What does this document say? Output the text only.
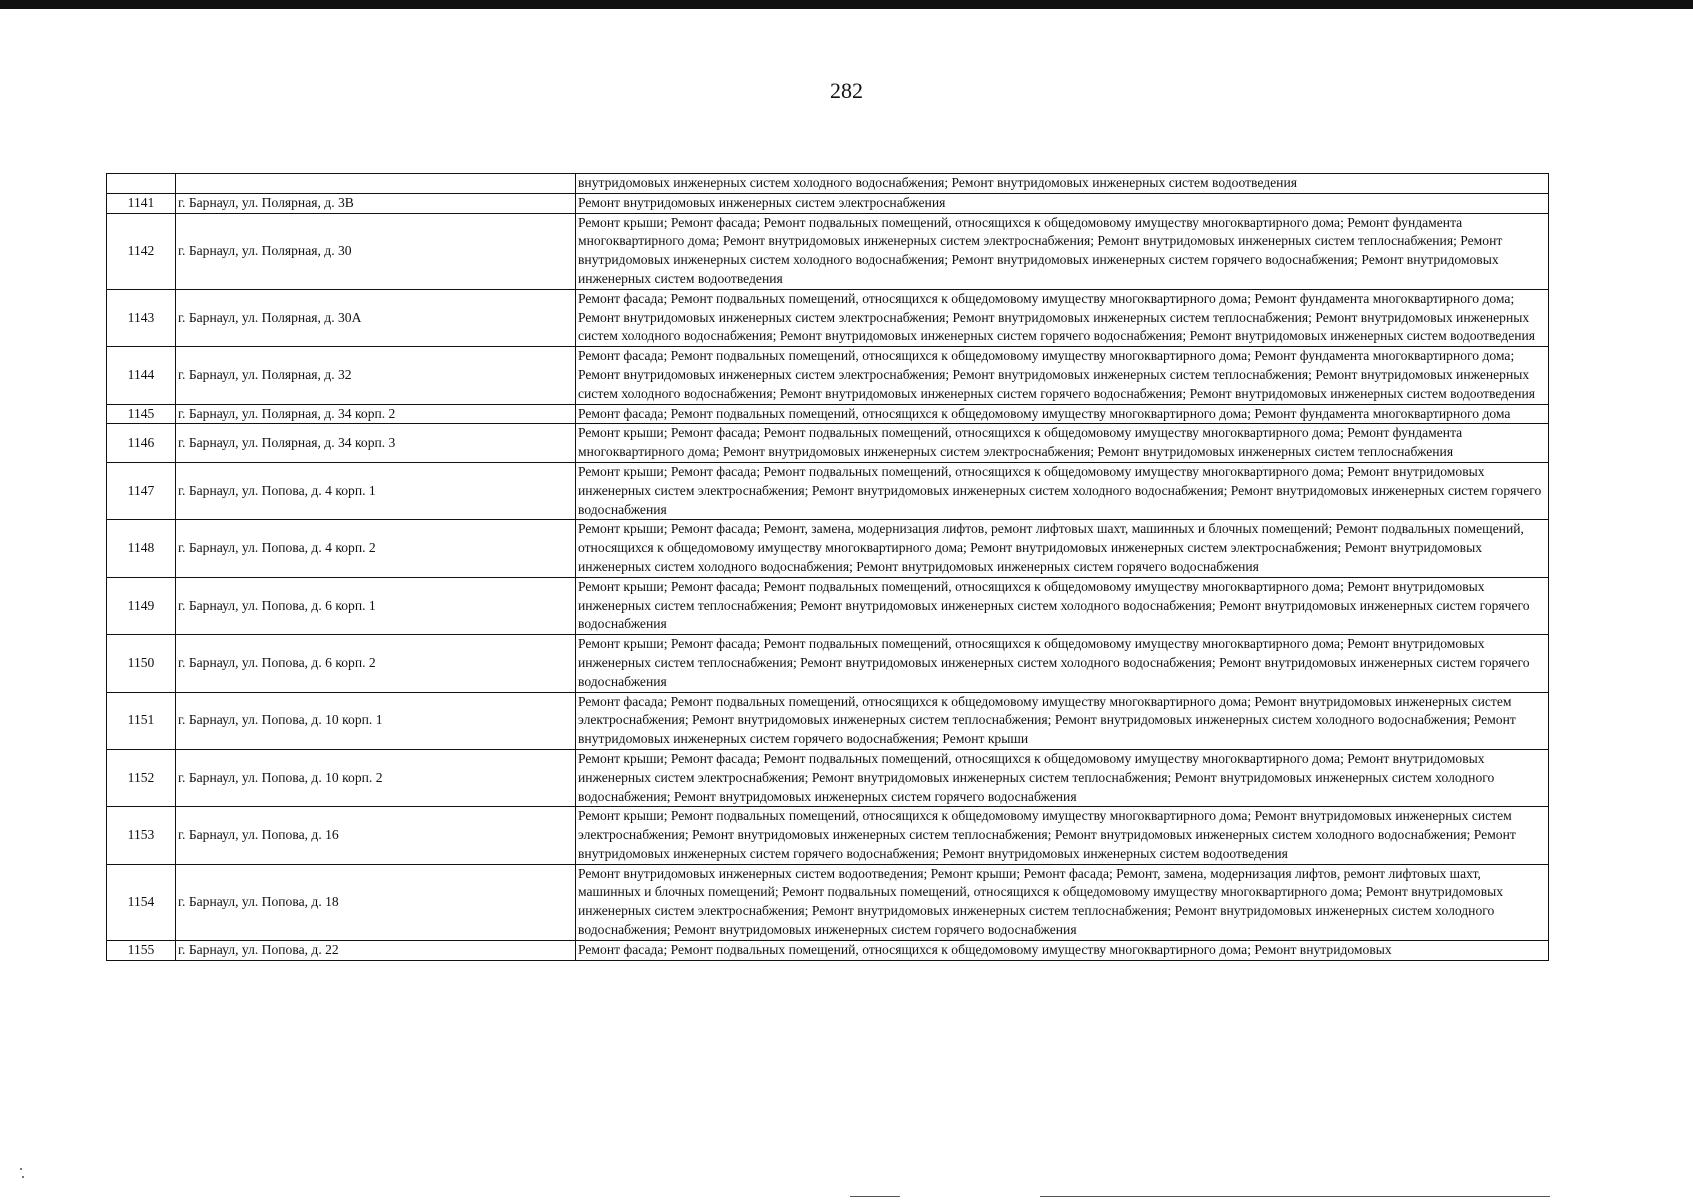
282
		внутридомовых инженерных систем холодного водоснабжения; Ремонт внутридомовых инженерных систем водоотведения
1141	г. Барнаул, ул. Полярная, д. 3В	Ремонт внутридомовых инженерных систем электроснабжения
1142	г. Барнаул, ул. Полярная, д. 30	Ремонт крыши; Ремонт фасада; Ремонт подвальных помещений, относящихся к общедомовому имуществу многоквартирного дома; Ремонт фундамента многоквартирного дома; Ремонт внутридомовых инженерных систем электроснабжения; Ремонт внутридомовых инженерных систем теплоснабжения; Ремонт внутридомовых инженерных систем холодного водоснабжения; Ремонт внутридомовых инженерных систем горячего водоснабжения; Ремонт внутридомовых инженерных систем водоотведения
1143	г. Барнаул, ул. Полярная, д. 30А	Ремонт фасада; Ремонт подвальных помещений, относящихся к общедомовому имуществу многоквартирного дома; Ремонт фундамента многоквартирного дома; Ремонт внутридомовых инженерных систем электроснабжения; Ремонт внутридомовых инженерных систем теплоснабжения; Ремонт внутридомовых инженерных систем холодного водоснабжения; Ремонт внутридомовых инженерных систем горячего водоснабжения; Ремонт внутридомовых инженерных систем водоотведения
1144	г. Барнаул, ул. Полярная, д. 32	Ремонт фасада; Ремонт подвальных помещений, относящихся к общедомовому имуществу многоквартирного дома; Ремонт фундамента многоквартирного дома; Ремонт внутридомовых инженерных систем электроснабжения; Ремонт внутридомовых инженерных систем теплоснабжения; Ремонт внутридомовых инженерных систем холодного водоснабжения; Ремонт внутридомовых инженерных систем горячего водоснабжения; Ремонт внутридомовых инженерных систем водоотведения
1145	г. Барнаул, ул. Полярная, д. 34 корп. 2	Ремонт фасада; Ремонт подвальных помещений, относящихся к общедомовому имуществу многоквартирного дома; Ремонт фундамента многоквартирного дома
1146	г. Барнаул, ул. Полярная, д. 34 корп. 3	Ремонт крыши; Ремонт фасада; Ремонт подвальных помещений, относящихся к общедомовому имуществу многоквартирного дома; Ремонт фундамента многоквартирного дома; Ремонт внутридомовых инженерных систем электроснабжения; Ремонт внутридомовых инженерных систем теплоснабжения
1147	г. Барнаул, ул. Попова, д. 4 корп. 1	Ремонт крыши; Ремонт фасада; Ремонт подвальных помещений, относящихся к общедомовому имуществу многоквартирного дома; Ремонт внутридомовых инженерных систем электроснабжения; Ремонт внутридомовых инженерных систем холодного водоснабжения; Ремонт внутридомовых инженерных систем горячего водоснабжения
1148	г. Барнаул, ул. Попова, д. 4 корп. 2	Ремонт крыши; Ремонт фасада; Ремонт, замена, модернизация лифтов, ремонт лифтовых шахт, машинных и блочных помещений; Ремонт подвальных помещений, относящихся к общедомовому имуществу многоквартирного дома; Ремонт внутридомовых инженерных систем электроснабжения; Ремонт внутридомовых инженерных систем холодного водоснабжения; Ремонт внутридомовых инженерных систем горячего водоснабжения
1149	г. Барнаул, ул. Попова, д. 6 корп. 1	Ремонт крыши; Ремонт фасада; Ремонт подвальных помещений, относящихся к общедомовому имуществу многоквартирного дома; Ремонт внутридомовых инженерных систем теплоснабжения; Ремонт внутридомовых инженерных систем холодного водоснабжения; Ремонт внутридомовых инженерных систем горячего водоснабжения
1150	г. Барнаул, ул. Попова, д. 6 корп. 2	Ремонт крыши; Ремонт фасада; Ремонт подвальных помещений, относящихся к общедомовому имуществу многоквартирного дома; Ремонт внутридомовых инженерных систем теплоснабжения; Ремонт внутридомовых инженерных систем холодного водоснабжения; Ремонт внутридомовых инженерных систем горячего водоснабжения
1151	г. Барнаул, ул. Попова, д. 10 корп. 1	Ремонт фасада; Ремонт подвальных помещений, относящихся к общедомовому имуществу многоквартирного дома; Ремонт внутридомовых инженерных систем электроснабжения; Ремонт внутридомовых инженерных систем теплоснабжения; Ремонт внутридомовых инженерных систем холодного водоснабжения; Ремонт внутридомовых инженерных систем горячего водоснабжения; Ремонт крыши
1152	г. Барнаул, ул. Попова, д. 10 корп. 2	Ремонт крыши; Ремонт фасада; Ремонт подвальных помещений, относящихся к общедомовому имуществу многоквартирного дома; Ремонт внутридомовых инженерных систем электроснабжения; Ремонт внутридомовых инженерных систем теплоснабжения; Ремонт внутридомовых инженерных систем холодного водоснабжения; Ремонт внутридомовых инженерных систем горячего водоснабжения
1153	г. Барнаул, ул. Попова, д. 16	Ремонт крыши; Ремонт подвальных помещений, относящихся к общедомовому имуществу многоквартирного дома; Ремонт внутридомовых инженерных систем электроснабжения; Ремонт внутридомовых инженерных систем теплоснабжения; Ремонт внутридомовых инженерных систем холодного водоснабжения; Ремонт внутридомовых инженерных систем горячего водоснабжения; Ремонт внутридомовых инженерных систем водоотведения
1154	г. Барнаул, ул. Попова, д. 18	Ремонт внутридомовых инженерных систем водоотведения; Ремонт крыши; Ремонт фасада; Ремонт, замена, модернизация лифтов, ремонт лифтовых шахт, машинных и блочных помещений; Ремонт подвальных помещений, относящихся к общедомовому имуществу многоквартирного дома; Ремонт внутридомовых инженерных систем электроснабжения; Ремонт внутридомовых инженерных систем теплоснабжения; Ремонт внутридомовых инженерных систем холодного водоснабжения; Ремонт внутридомовых инженерных систем горячего водоснабжения
1155	г. Барнаул, ул. Попова, д. 22	Ремонт фасада; Ремонт подвальных помещений, относящихся к общедомовому имуществу многоквартирного дома; Ремонт внутридомовых
